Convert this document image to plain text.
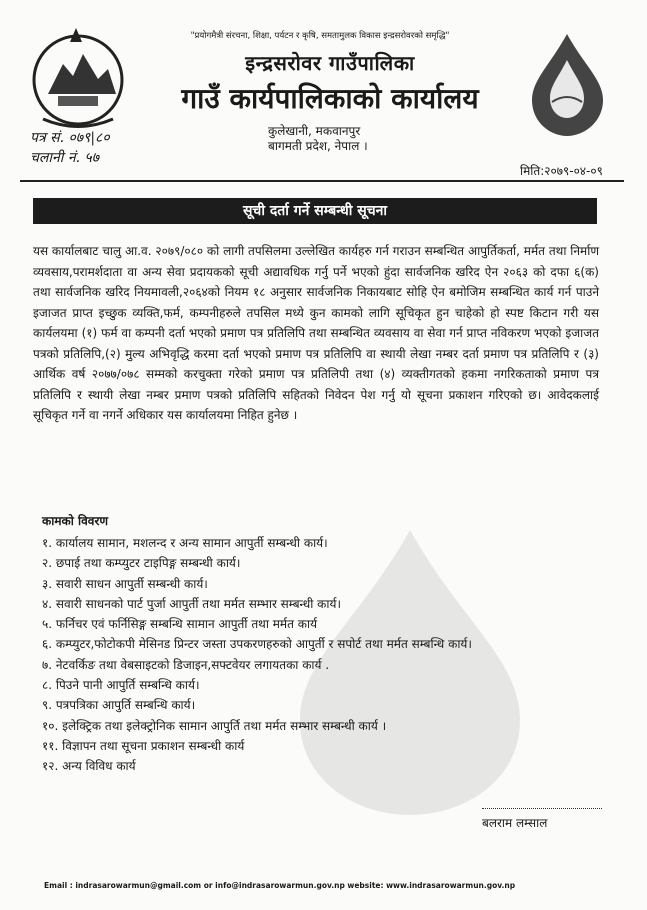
"प्रयोगमैत्री संरचना, शिक्षा, पर्यटन र कृषि, समतामुलक विकास इन्द्रसरोवरको समृद्धि"
इन्द्रसरोवर गाउँपालिका
गाउँ कार्यपालिकाको कार्यालय
कुलेखानी, मकवानपुर
बागमती प्रदेश, नेपाल ।
पत्र सं. ०७९|८०
चलानी नं. ५७
मिति:२०७९-०४-०९
सूची दर्ता गर्ने सम्बन्धी सूचना
यस कार्यालबाट चालु आ.व. २०७९/०८० को लागी तपसिलमा उल्लेखित कार्यहरु गर्न गराउन सम्बन्धित आपुर्तिकर्ता, मर्मत तथा निर्माण व्यवसाय,परामर्शदाता वा अन्य सेवा प्रदायकको सूची अद्यावधिक गर्नु पर्ने भएको हुंदा सार्वजनिक खरिद ऐन २०६३ को दफा ६(क) तथा सार्वजनिक खरिद नियमावली,२०६४को नियम १८ अनुसार सार्वजनिक निकायबाट सोहि ऐन बमोजिम सम्बन्धित कार्य गर्न पाउने इजाजत प्राप्त इच्छुक व्यक्ति,फर्म, कम्पनीहरुले तपसिल मध्ये कुन कामको लागि सूचिकृत हुन चाहेको हो स्पष्ट किटान गरी यस कार्यलयमा (१) फर्म वा कम्पनी दर्ता भएको प्रमाण पत्र प्रतिलिपि तथा सम्बन्धित व्यवसाय वा सेवा गर्न प्राप्त नविकरण भएको इजाजत पत्रको प्रतिलिपि,(२) मुल्य अभिवृद्धि करमा दर्ता भएको प्रमाण पत्र प्रतिलिपि वा स्थायी लेखा नम्बर दर्ता प्रमाण पत्र प्रतिलिपि र (३) आर्थिक वर्ष २०७७/०७८ सम्मको करचुक्ता गरेको प्रमाण पत्र प्रतिलिपी तथा (४) व्यक्तीगतको हकमा नगरिकताको प्रमाण पत्र प्रतिलिपि र स्थायी लेखा नम्बर प्रमाण पत्रको प्रतिलिपि सहितको निवेदन पेश गर्नु यो सूचना प्रकाशन गरिएको छ। आवेदकलाई सूचिकृत गर्ने वा नगर्ने अधिकार यस कार्यालयमा निहित हुनेछ ।
कामको विवरण
१. कार्यालय सामान, मशलन्द र अन्य सामान आपुर्ती सम्बन्धी कार्य।
२. छपाई तथा कम्प्युटर टाइपिङ्ग सम्बन्धी कार्य।
३. सवारी साधन आपुर्ती सम्बन्धी कार्य।
४. सवारी साधनको पार्ट पुर्जा आपुर्ती तथा मर्मत सम्भार सम्बन्धी कार्य।
५. फर्निचर एवं फर्निसिङ्ग सम्बन्धि सामान आपुर्ती तथा मर्मत कार्य
६. कम्प्युटर,फोटोकपी मेसिनड प्रिन्टर जस्ता उपकरणहरुको आपुर्ती र सपोर्ट तथा मर्मत सम्बन्धि कार्य।
७. नेटवर्किङ तथा वेबसाइटको डिजाइन,सफ्टवेयर लगायतका कार्य .
८. पिउने पानी आपुर्ति सम्बन्धि कार्य।
९. पत्रपत्रिका आपुर्ति सम्बन्धि कार्य।
१०. इलेक्ट्रिक तथा इलेक्ट्रोनिक सामान आपुर्ति तथा मर्मत सम्भार सम्बन्धी कार्य ।
११. विज्ञापन तथा सूचना प्रकाशन सम्बन्धी कार्य
१२. अन्य विविध कार्य
बलराम लम्साल
Email : indrasarowarmun@gmail.com or info@indrasarowarmun.gov.np website: www.indrasarowarmun.gov.np
